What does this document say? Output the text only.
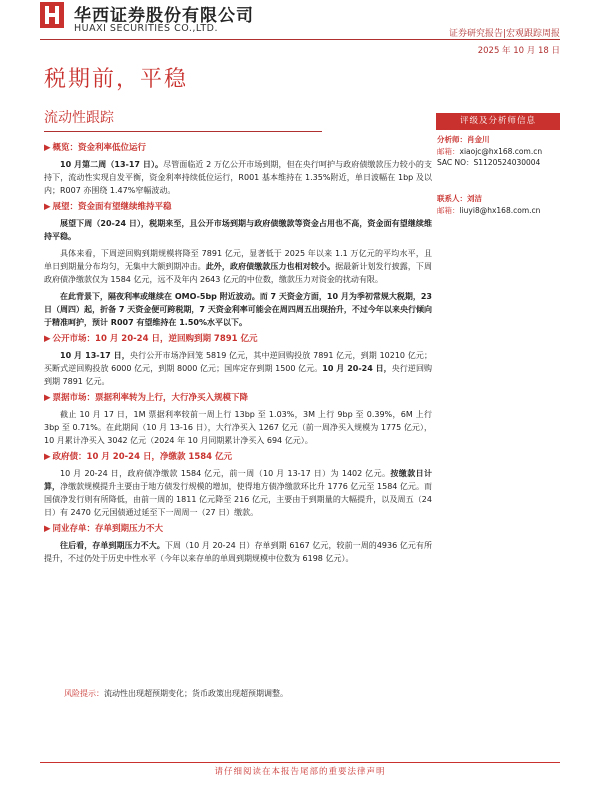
华西证券股份有限公司
HUAXI SECURITIES CO.,LTD.	证券研究报告|宏观跟踪周报
2025 年 10 月 18 日
税期前，平稳
流动性跟踪	评级及分析师信息
分析师：肖金川
邮箱：xiaojc@hx168.com.cn
SAC NO：S1120524030004
联系人：刘洁
邮箱：liuyi8@hx168.com.cn
▶ 概览：资金利率低位运行

10 月第二周（13-17 日）。尽管面临近 2 万亿公开市场到期，但在央行呵护与政府债缴款压力较小的支持下，流动性实现自发平衡，资金利率持续低位运行，R001 基本维持在 1.35%附近，单日波幅在 1bp 及以内；R007 亦围绕 1.47%窄幅波动。

▶ 展望：资金面有望继续维持平稳

展望下周（20-24 日），税期来至，且公开市场到期与政府债缴款等资金占用也不高，资金面有望继续维持平稳。

具体来看，下周逆回购到期规模将降至 7891 亿元，显著低于 2025 年以来 1.1 万亿元的平均水平，且单日到期量分布均匀，无集中大额到期冲击。此外，政府债缴款压力也相对较小。据最新计划发行披露，下周政府债净缴款仅为 1584 亿元，远不及年内 2643 亿元的中位数，缴款压力对资金的扰动有限。

在此背景下，隔夜利率或继续在 OMO-5bp 附近波动。而 7 天资金方面，10 月为季初常规大税期，23 日（周四）起，折备 7 天资金便可跨税期，7 天资金利率可能会在周四周五出现抬升，不过今年以来央行倾向于精准呵护，预计 R007 有望维持在 1.50%水平以下。

▶ 公开市场：10 月 20-24 日，逆回购到期 7891 亿元

10 月 13-17 日，央行公开市场净回笼 5819 亿元，其中逆回购投放 7891 亿元，到期 10210 亿元；买断式逆回购投放 6000 亿元，到期 8000 亿元；国库定存到期 1500 亿元。10 月 20-24 日，央行逆回购到期 7891 亿元。

▶ 票据市场：票据利率转为上行，大行净买入规模下降

截止 10 月 17 日，1M 票据利率较前一周上行 13bp 至 1.03%，3M 上行 9bp 至 0.39%，6M 上行 3bp 至 0.71%。在此期间（10 月 13-16 日），大行净买入 1267 亿元（前一周净买入规模为 1775 亿元），10 月累计净买入 3042 亿元（2024 年 10 月同期累计净买入 694 亿元）。

▶ 政府债：10 月 20-24 日，净缴款 1584 亿元

10 月 20-24 日，政府债净缴款 1584 亿元，前一周（10 月 13-17 日）为 1402 亿元。按缴款日计算，净缴款规模提升主要由于地方债发行规模的增加，使得地方债净缴款环比升 1776 亿元至 1584 亿元。而国债净发行则有所降低，由前一周的 1811 亿元降至 216 亿元，主要由于到期量的大幅提升，以及周五（24 日）有 2470 亿元国债通过延至下一周周一（27 日）缴款。

▶ 同业存单：存单到期压力不大

往后看，存单到期压力不大。下周（10 月 20-24 日）存单到期 6167 亿元，较前一周的4936 亿元有所提升，不过仍处于历史中性水平（今年以来存单的单周到期规模中位数为 6198 亿元）。

风险提示：流动性出现超预期变化；货币政策出现超预期调整。
请仔细阅读在本报告尾部的重要法律声明
